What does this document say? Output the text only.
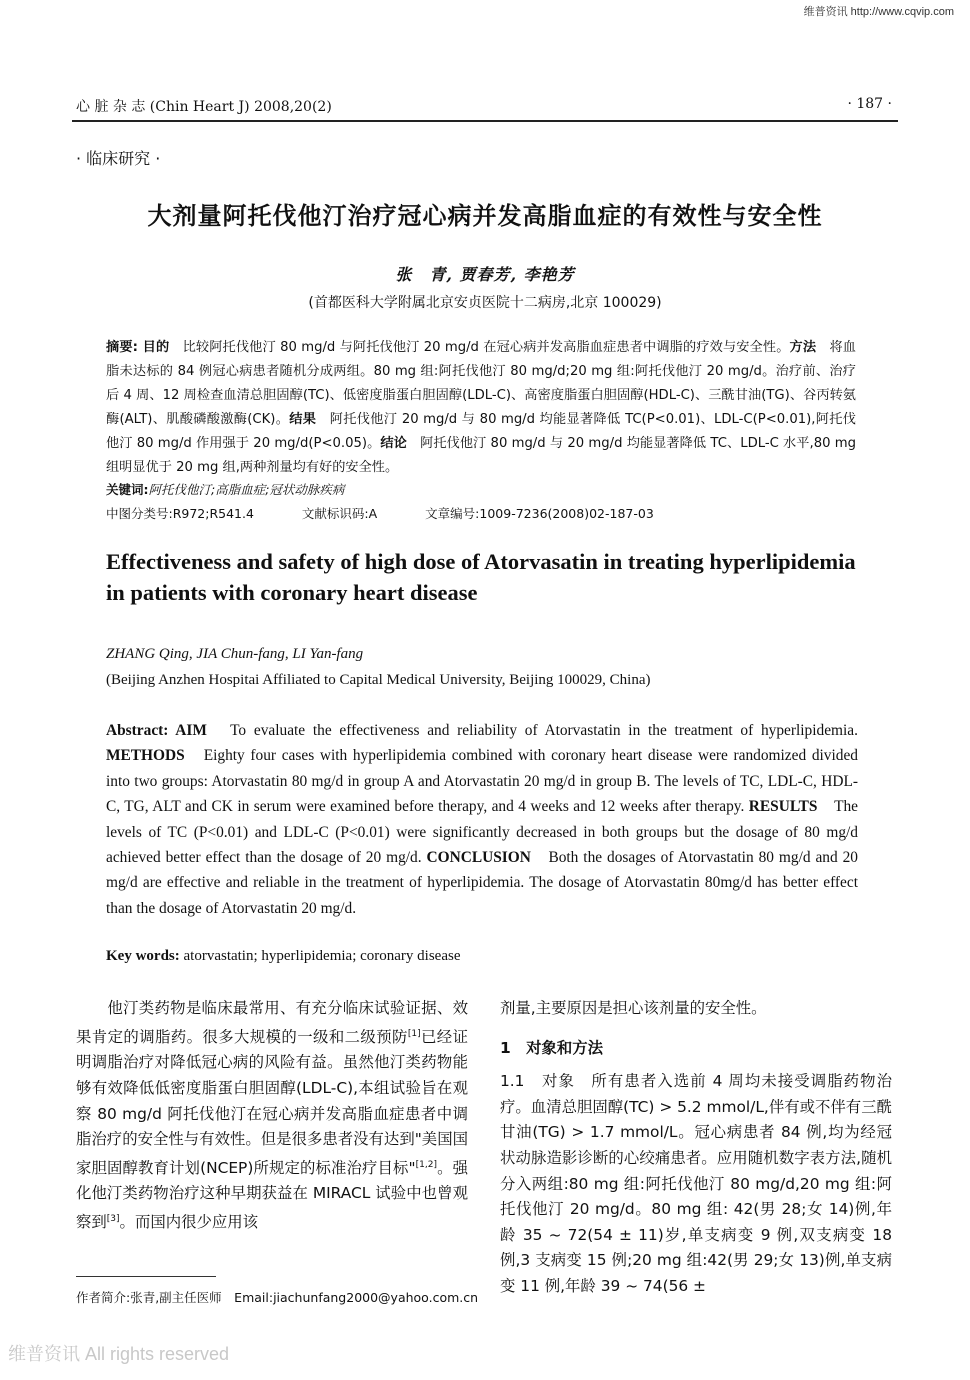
维普资讯 http://www.cqvip.com
心 脏 杂 志 (Chin Heart J) 2008,20(2)	· 187 ·
· 临床研究 ·
大剂量阿托伐他汀治疗冠心病并发高脂血症的有效性与安全性
张　青, 贾春芳, 李艳芳
(首都医科大学附属北京安贞医院十二病房,北京 100029)
摘要: 目的　比较阿托伐他汀 80 mg/d 与阿托伐他汀 20 mg/d 在冠心病并发高脂血症患者中调脂的疗效与安全性。方法　将血脂未达标的 84 例冠心病患者随机分成两组。80 mg 组:阿托伐他汀 80 mg/d;20 mg 组:阿托伐他汀 20 mg/d。治疗前、治疗后 4 周、12 周检查血清总胆固醇(TC)、低密度脂蛋白胆固醇(LDL-C)、高密度脂蛋白胆固醇(HDL-C)、三酰甘油(TG)、谷丙转氨酶(ALT)、肌酸磷酸激酶(CK)。结果　阿托伐他汀 20 mg/d 与 80 mg/d 均能显著降低 TC(P<0.01)、LDL-C(P<0.01),阿托伐他汀 80 mg/d 作用强于 20 mg/d(P<0.05)。结论　阿托伐他汀 80 mg/d 与 20 mg/d 均能显著降低 TC、LDL-C 水平,80 mg 组明显优于 20 mg 组,两种剂量均有好的安全性。
关键词:阿托伐他汀;高脂血症;冠状动脉疾病
中图分类号:R972;R541.4	文献标识码:A	文章编号:1009-7236(2008)02-187-03
Effectiveness and safety of high dose of Atorvasatin in treating hyperlipidemia in patients with coronary heart disease
ZHANG Qing, JIA Chun-fang, LI Yan-fang
(Beijing Anzhen Hospitai Affiliated to Capital Medical University, Beijing 100029, China)
Abstract: AIM　To evaluate the effectiveness and reliability of Atorvastatin in the treatment of hyperlipidemia. METHODS　Eighty four cases with hyperlipidemia combined with coronary heart disease were randomized divided into two groups: Atorvastatin 80 mg/d in group A and Atorvastatin 20 mg/d in group B. The levels of TC, LDL-C, HDL-C, TG, ALT and CK in serum were examined before therapy, and 4 weeks and 12 weeks after therapy. RESULTS　The levels of TC (P<0.01) and LDL-C (P<0.01) were significantly decreased in both groups but the dosage of 80 mg/d achieved better effect than the dosage of 20 mg/d. CONCLUSION　Both the dosages of Atorvastatin 80 mg/d and 20 mg/d are effective and reliable in the treatment of hyperlipidemia. The dosage of Atorvastatin 80mg/d has better effect than the dosage of Atorvastatin 20 mg/d.
Key words: atorvastatin; hyperlipidemia; coronary disease
　　他汀类药物是临床最常用、有充分临床试验证据、效果肯定的调脂药。很多大规模的一级和二级预防[1]已经证明调脂治疗对降低冠心病的风险有益。虽然他汀类药物能够有效降低低密度脂蛋白胆固醇(LDL-C),本组试验旨在观察 80 mg/d 阿托伐他汀在冠心病并发高脂血症患者中调脂治疗的安全性与有效性。但是很多患者没有达到"美国国家胆固醇教育计划(NCEP)所规定的标准治疗目标"[1,2]。强化他汀类药物治疗这种早期获益在 MIRACL 试验中也曾观察到[3]。而国内很少应用该
剂量,主要原因是担心该剂量的安全性。
1　对象和方法
1.1　对象　所有患者入选前 4 周均未接受调脂药物治疗。血清总胆固醇(TC) > 5.2 mmol/L,伴有或不伴有三酰甘油(TG) > 1.7 mmol/L。冠心病患者 84 例,均为经冠状动脉造影诊断的心绞痛患者。应用随机数字表方法,随机分入两组:80 mg 组:阿托伐他汀 80 mg/d,20 mg 组:阿托伐他汀 20 mg/d。80 mg 组: 42(男 28;女 14)例,年龄 35 ~ 72(54 ± 11)岁,单支病变 9 例,双支病变 18 例,3 支病变 15 例;20 mg 组:42(男 29;女 13)例,单支病变 11 例,年龄 39 ~ 74(56 ±
作者简介:张青,副主任医师　Email:jiachunfang2000@yahoo.com.cn
维普资讯 All rights reserved
